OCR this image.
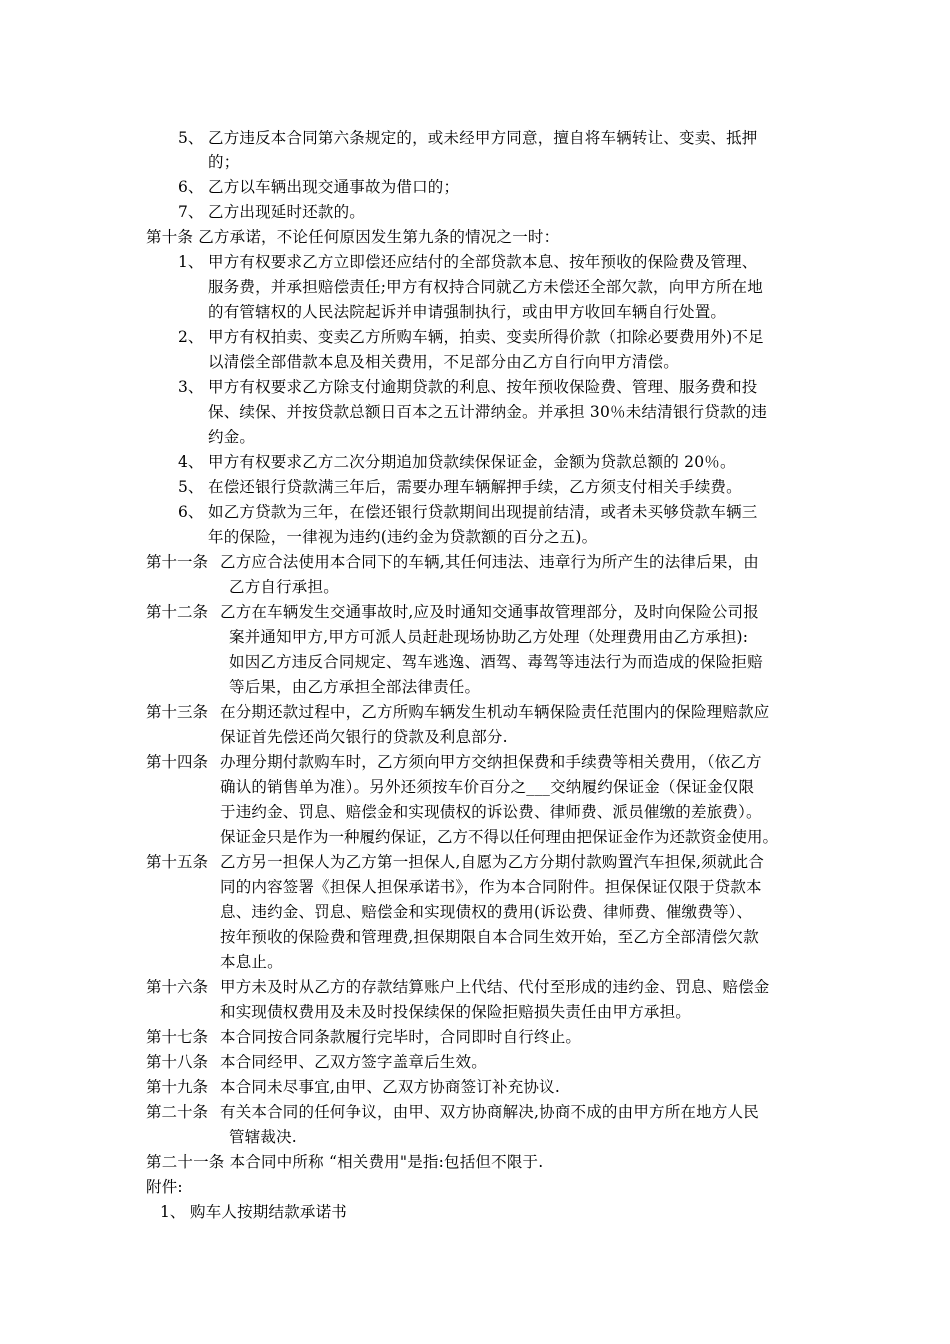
5、 乙方违反本合同第六条规定的，或未经甲方同意，擅自将车辆转让、变卖、抵押
的；
6、 乙方以车辆出现交通事故为借口的；
7、 乙方出现延时还款的。
第十条 乙方承诺，不论任何原因发生第九条的情况之一时：
1、 甲方有权要求乙方立即偿还应结付的全部贷款本息、按年预收的保险费及管理、
服务费，并承担赔偿责任;甲方有权持合同就乙方未偿还全部欠款，向甲方所在地
的有管辖权的人民法院起诉并申请强制执行，或由甲方收回车辆自行处置。
2、 甲方有权拍卖、变卖乙方所购车辆，拍卖、变卖所得价款（扣除必要费用外)不足
以清偿全部借款本息及相关费用，不足部分由乙方自行向甲方清偿。
3、 甲方有权要求乙方除支付逾期贷款的利息、按年预收保险费、管理、服务费和投
保、续保、并按贷款总额日百本之五计滞纳金。并承担 30％未结清银行贷款的违
约金。
4、 甲方有权要求乙方二次分期追加贷款续保保证金，金额为贷款总额的 20％。
5、 在偿还银行贷款满三年后，需要办理车辆解押手续，乙方须支付相关手续费。
6、 如乙方贷款为三年，在偿还银行贷款期间出现提前结清，或者未买够贷款车辆三
年的保险，一律视为违约(违约金为贷款额的百分之五)。
第十一条 乙方应合法使用本合同下的车辆,其任何违法、违章行为所产生的法律后果，由
乙方自行承担。
第十二条 乙方在车辆发生交通事故时,应及时通知交通事故管理部分，及时向保险公司报
案并通知甲方,甲方可派人员赶赴现场协助乙方处理（处理费用由乙方承担):
如因乙方违反合同规定、驾车逃逸、酒驾、毒驾等违法行为而造成的保险拒赔
等后果，由乙方承担全部法律责任。
第十三条 在分期还款过程中，乙方所购车辆发生机动车辆保险责任范围内的保险理赔款应
保证首先偿还尚欠银行的贷款及利息部分.
第十四条 办理分期付款购车时，乙方须向甲方交纳担保费和手续费等相关费用，（依乙方
确认的销售单为准）。另外还须按车价百分之___交纳履约保证金（保证金仅限
于违约金、罚息、赔偿金和实现债权的诉讼费、律师费、派员催缴的差旅费）。
保证金只是作为一种履约保证，乙方不得以任何理由把保证金作为还款资金使用。
第十五条 乙方另一担保人为乙方第一担保人,自愿为乙方分期付款购置汽车担保,须就此合
同的内容签署《担保人担保承诺书》，作为本合同附件。担保保证仅限于贷款本
息、违约金、罚息、赔偿金和实现债权的费用(诉讼费、律师费、催缴费等）、
按年预收的保险费和管理费,担保期限自本合同生效开始，至乙方全部清偿欠款
本息止。
第十六条 甲方未及时从乙方的存款结算账户上代结、代付至形成的违约金、罚息、赔偿金
和实现债权费用及未及时投保续保的保险拒赔损失责任由甲方承担。
第十七条 本合同按合同条款履行完毕时，合同即时自行终止。
第十八条 本合同经甲、乙双方签字盖章后生效。
第十九条 本合同未尽事宜,由甲、乙双方协商签订补充协议.
第二十条 有关本合同的任何争议，由甲、双方协商解决,协商不成的由甲方所在地方人民
管辖裁决.
第二十一条 本合同中所称 “相关费用"是指:包括但不限于.
附件:
1、 购车人按期结款承诺书
